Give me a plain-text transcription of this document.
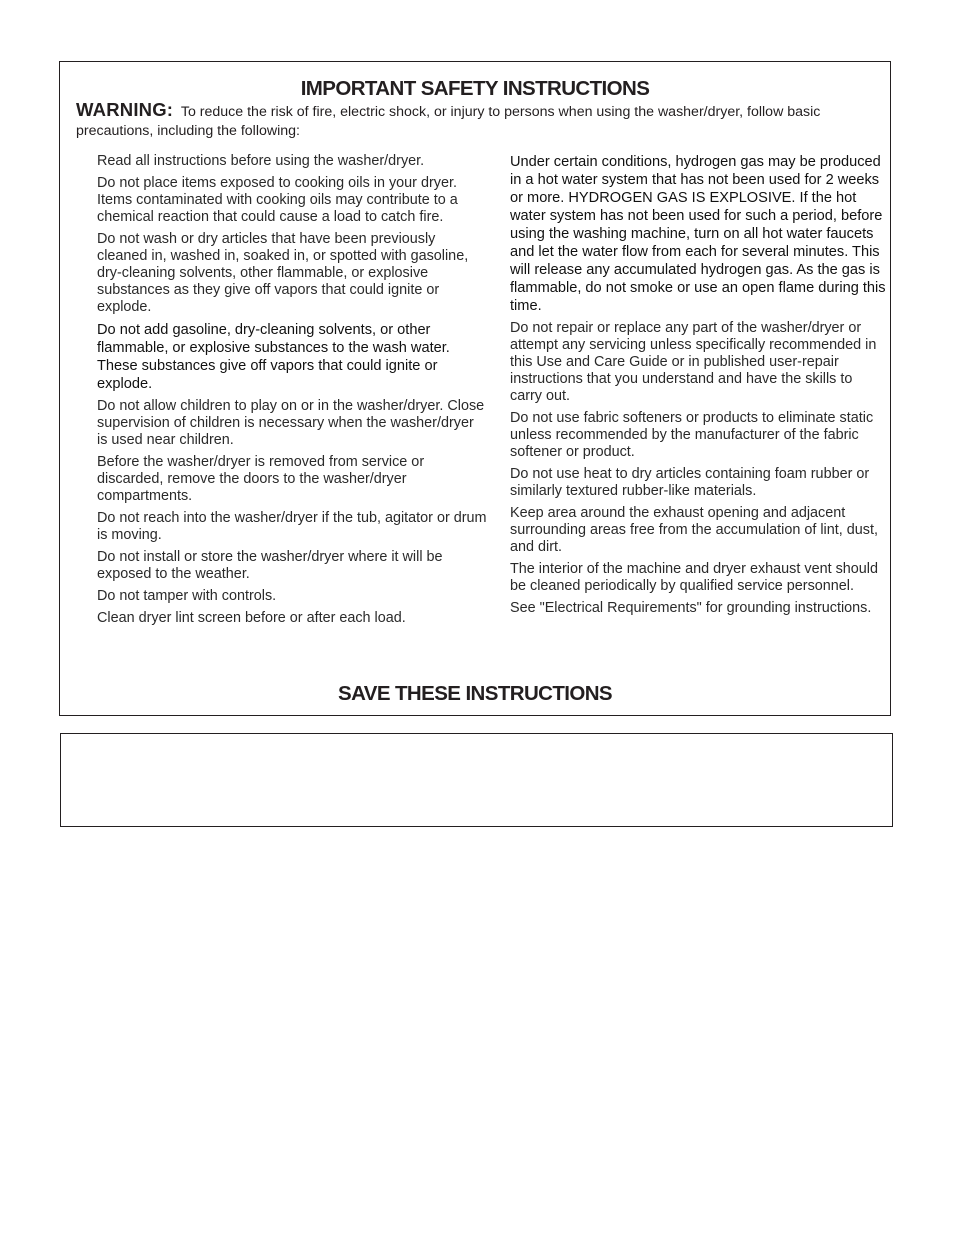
IMPORTANT SAFETY INSTRUCTIONS
WARNING: To reduce the risk of fire, electric shock, or injury to persons when using the washer/dryer, follow basic precautions, including the following:
Read all instructions before using the washer/dryer.
Do not place items exposed to cooking oils in your dryer. Items contaminated with cooking oils may contribute to a chemical reaction that could cause a load to catch fire.
Do not wash or dry articles that have been previously cleaned in, washed in, soaked in, or spotted with gasoline, dry-cleaning solvents, other flammable, or explosive substances as they give off vapors that could ignite or explode.
Do not add gasoline, dry-cleaning solvents, or other flammable, or explosive substances to the wash water. These substances give off vapors that could ignite or explode.
Do not allow children to play on or in the washer/dryer. Close supervision of children is necessary when the washer/dryer is used near children.
Before the washer/dryer is removed from service or discarded, remove the doors to the washer/dryer compartments.
Do not reach into the washer/dryer if the tub, agitator or drum is moving.
Do not install or store the washer/dryer where it will be exposed to the weather.
Do not tamper with controls.
Clean dryer lint screen before or after each load.
Under certain conditions, hydrogen gas may be produced in a hot water system that has not been used for 2 weeks or more. HYDROGEN GAS IS EXPLOSIVE. If the hot water system has not been used for such a period, before using the washing machine, turn on all hot water faucets and let the water flow from each for several minutes. This will release any accumulated hydrogen gas. As the gas is flammable, do not smoke or use an open flame during this time.
Do not repair or replace any part of the washer/dryer or attempt any servicing unless specifically recommended in this Use and Care Guide or in published user-repair instructions that you understand and have the skills to carry out.
Do not use fabric softeners or products to eliminate static unless recommended by the manufacturer of the fabric softener or product.
Do not use heat to dry articles containing foam rubber or similarly textured rubber-like materials.
Keep area around the exhaust opening and adjacent surrounding areas free from the accumulation of lint, dust, and dirt.
The interior of the machine and dryer exhaust vent should be cleaned periodically by qualified service personnel.
See "Electrical Requirements" for grounding instructions.
SAVE THESE INSTRUCTIONS
